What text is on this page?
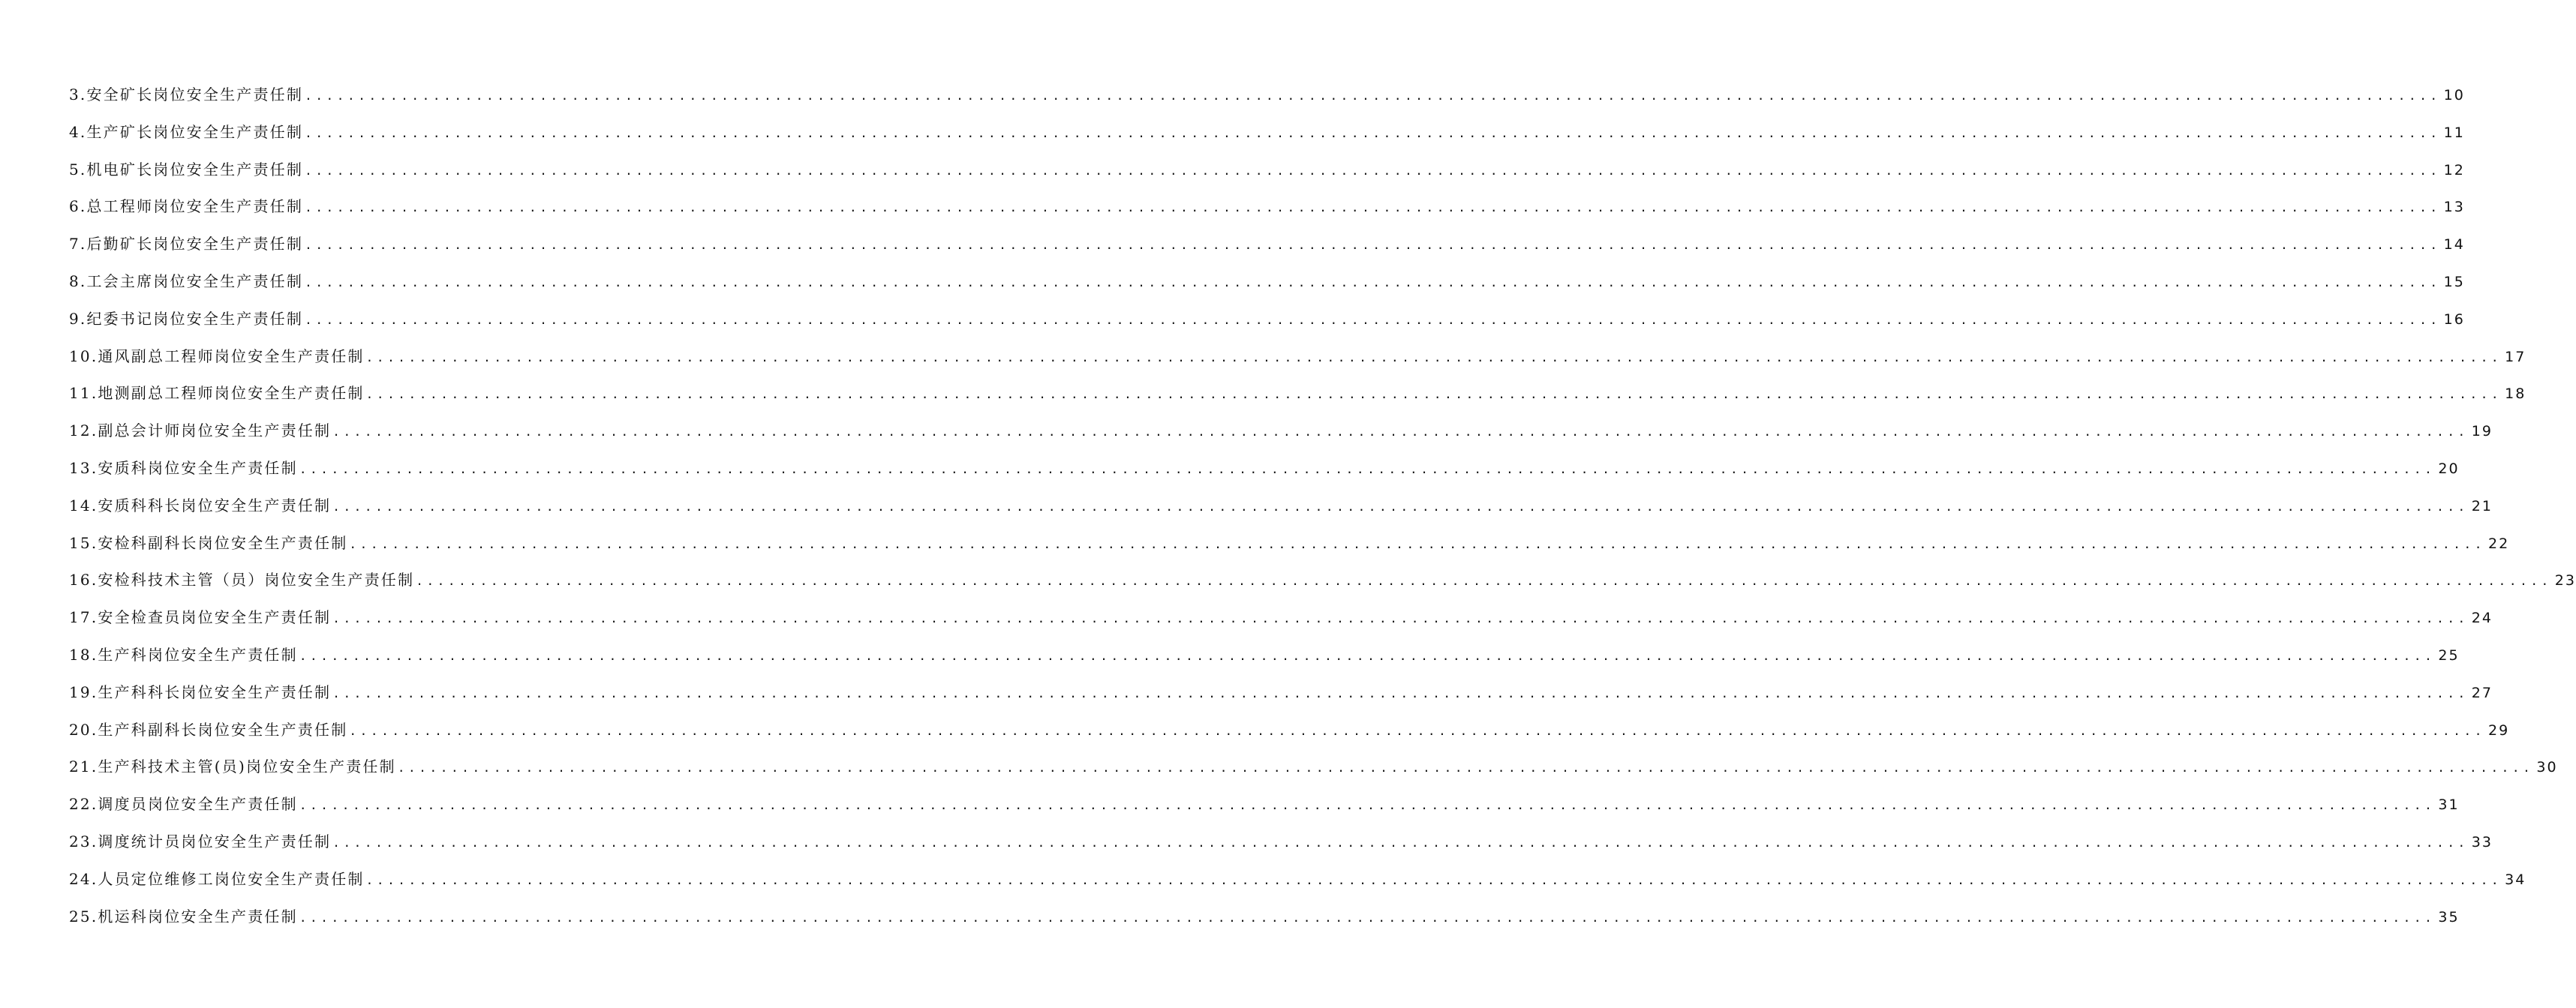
3.安全矿长岗位安全生产责任制 ........................................................................................................................................................................................................ 10
4.生产矿长岗位安全生产责任制 ........................................................................................................................................................................................................ 11
5.机电矿长岗位安全生产责任制 ........................................................................................................................................................................................................ 12
6.总工程师岗位安全生产责任制 ........................................................................................................................................................................................................ 13
7.后勤矿长岗位安全生产责任制 ........................................................................................................................................................................................................ 14
8.工会主席岗位安全生产责任制 ........................................................................................................................................................................................................ 15
9.纪委书记岗位安全生产责任制 ........................................................................................................................................................................................................ 16
10.通风副总工程师岗位安全生产责任制 ........................................................................................................................................................................................................ 17
11.地测副总工程师岗位安全生产责任制 ........................................................................................................................................................................................................ 18
12.副总会计师岗位安全生产责任制 ........................................................................................................................................................................................................ 19
13.安质科岗位安全生产责任制 ........................................................................................................................................................................................................ 20
14.安质科科长岗位安全生产责任制 ........................................................................................................................................................................................................ 21
15.安检科副科长岗位安全生产责任制 ........................................................................................................................................................................................................ 22
16.安检科技术主管（员）岗位安全生产责任制 ........................................................................................................................................................................................................ 23
17.安全检查员岗位安全生产责任制 ........................................................................................................................................................................................................ 24
18.生产科岗位安全生产责任制 ........................................................................................................................................................................................................ 25
19.生产科科长岗位安全生产责任制 ........................................................................................................................................................................................................ 27
20.生产科副科长岗位安全生产责任制 ........................................................................................................................................................................................................ 29
21.生产科技术主管(员)岗位安全生产责任制 ........................................................................................................................................................................................................ 30
22.调度员岗位安全生产责任制 ........................................................................................................................................................................................................ 31
23.调度统计员岗位安全生产责任制 ........................................................................................................................................................................................................ 33
24.人员定位维修工岗位安全生产责任制 ........................................................................................................................................................................................................ 34
25.机运科岗位安全生产责任制 ........................................................................................................................................................................................................ 35
